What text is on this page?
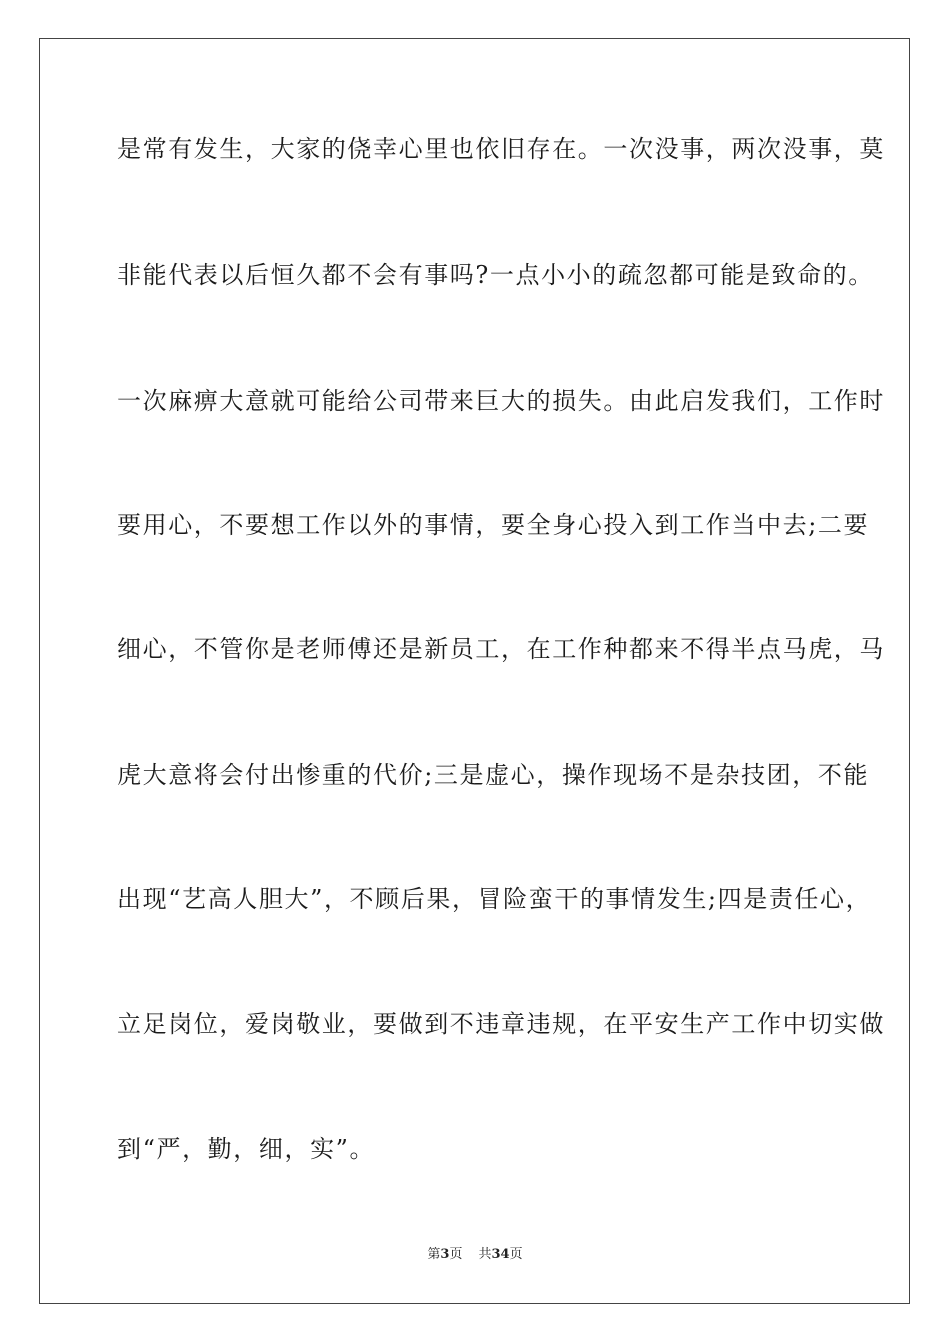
是常有发生，大家的侥幸心里也依旧存在。一次没事，两次没事，莫
非能代表以后恒久都不会有事吗?一点小小的疏忽都可能是致命的。
一次麻痹大意就可能给公司带来巨大的损失。由此启发我们，工作时
要用心，不要想工作以外的事情，要全身心投入到工作当中去;二要
细心，不管你是老师傅还是新员工，在工作种都来不得半点马虎，马
虎大意将会付出惨重的代价;三是虚心，操作现场不是杂技团，不能
出现“艺高人胆大”，不顾后果，冒险蛮干的事情发生;四是责任心，
立足岗位，爱岗敬业，要做到不违章违规，在平安生产工作中切实做
到“严，勤，细，实”。
第3页 共34页
